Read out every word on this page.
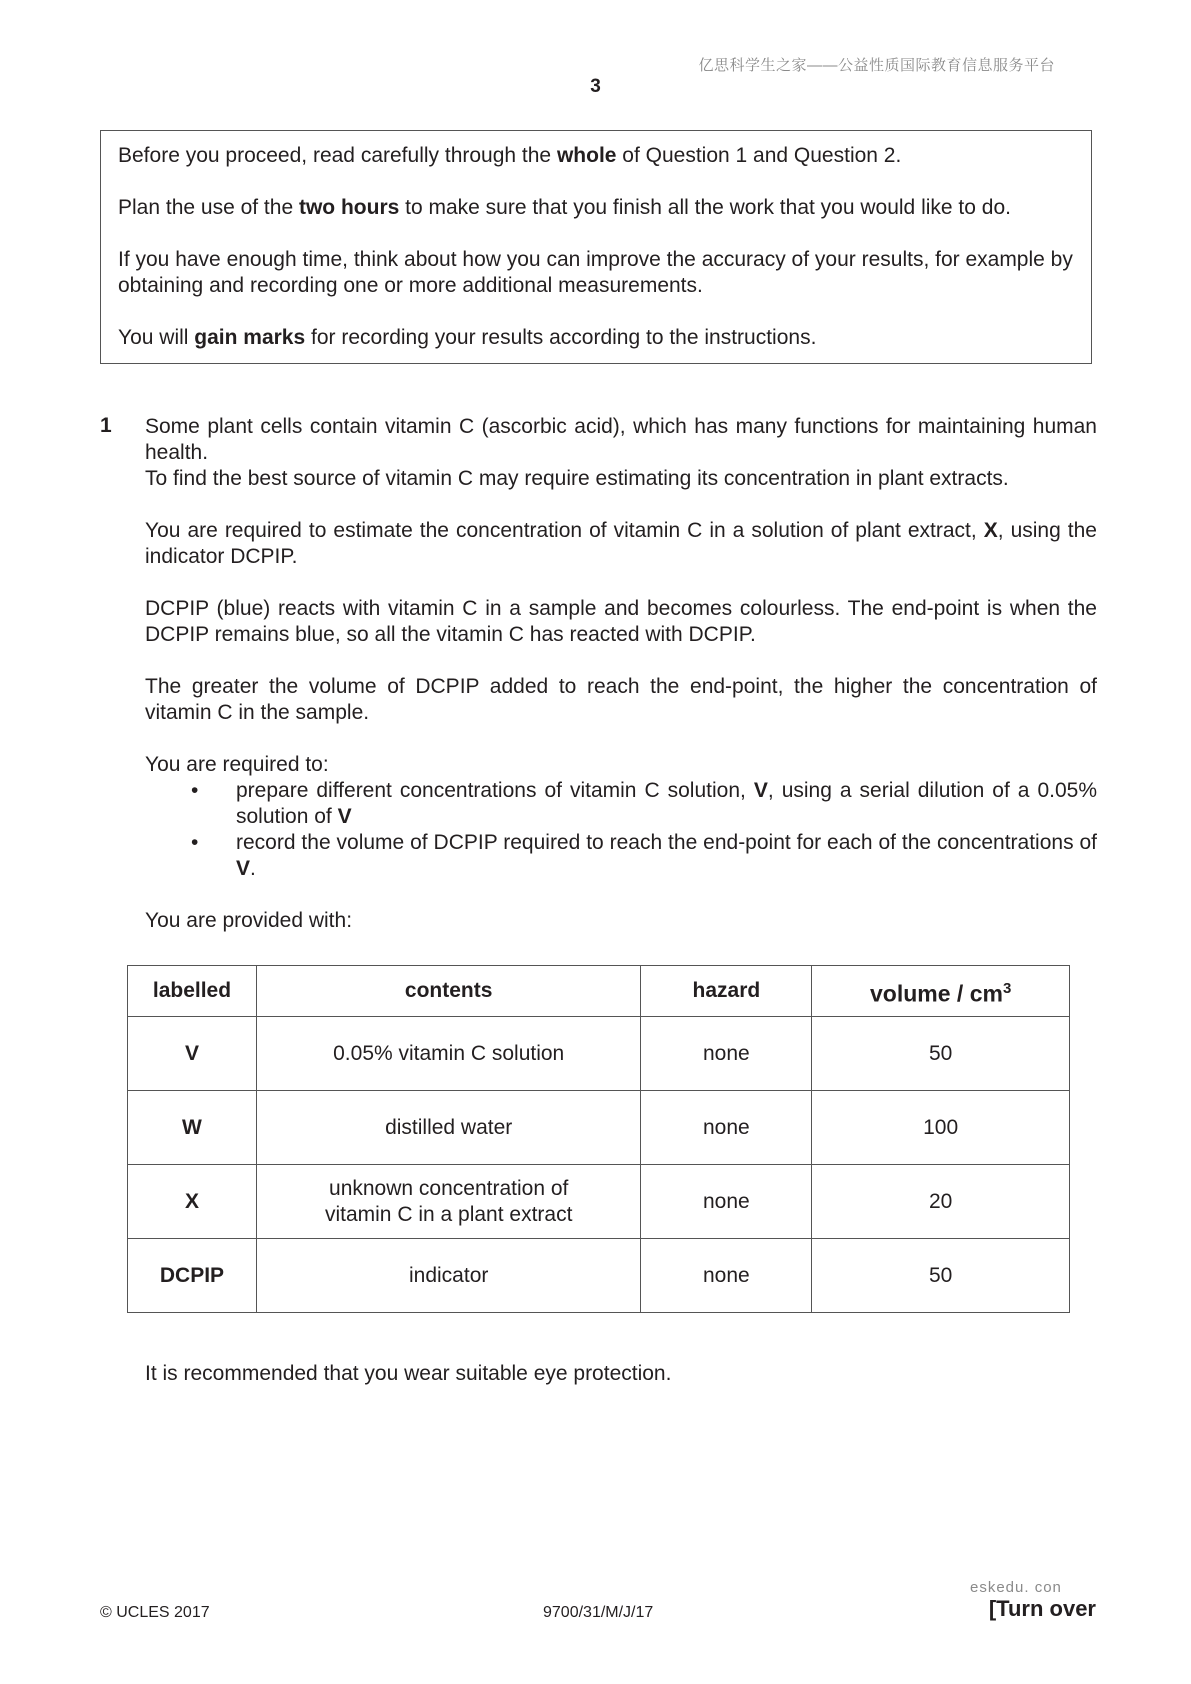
亿思科学生之家——公益性质国际教育信息服务平台
3

Before you proceed, read carefully through the whole of Question 1 and Question 2.

Plan the use of the two hours to make sure that you finish all the work that you would like to do.

If you have enough time, think about how you can improve the accuracy of your results, for example by obtaining and recording one or more additional measurements.

You will gain marks for recording your results according to the instructions.

1 Some plant cells contain vitamin C (ascorbic acid), which has many functions for maintaining human health.

To find the best source of vitamin C may require estimating its concentration in plant extracts.

You are required to estimate the concentration of vitamin C in a solution of plant extract, X, using the indicator DCPIP.

DCPIP (blue) reacts with vitamin C in a sample and becomes colourless. The end-point is when the DCPIP remains blue, so all the vitamin C has reacted with DCPIP.

The greater the volume of DCPIP added to reach the end-point, the higher the concentration of vitamin C in the sample.

You are required to:

• prepare different concentrations of vitamin C solution, V, using a serial dilution of a 0.05% solution of V
• record the volume of DCPIP required to reach the end-point for each of the concentrations of V.

You are provided with:

labelled	contents	hazard	volume / $cm^3$
V	0.05% vitamin C solution	none	50
W	distilled water	none	100
X	unknown concentration of
vitamin C in a plant extract	none	20
DCPIP	indicator	none	50
It is recommended that you wear suitable eye protection.
© UCLES 2017	9700/31/M/J/17
eskedu. con
[Turn over
